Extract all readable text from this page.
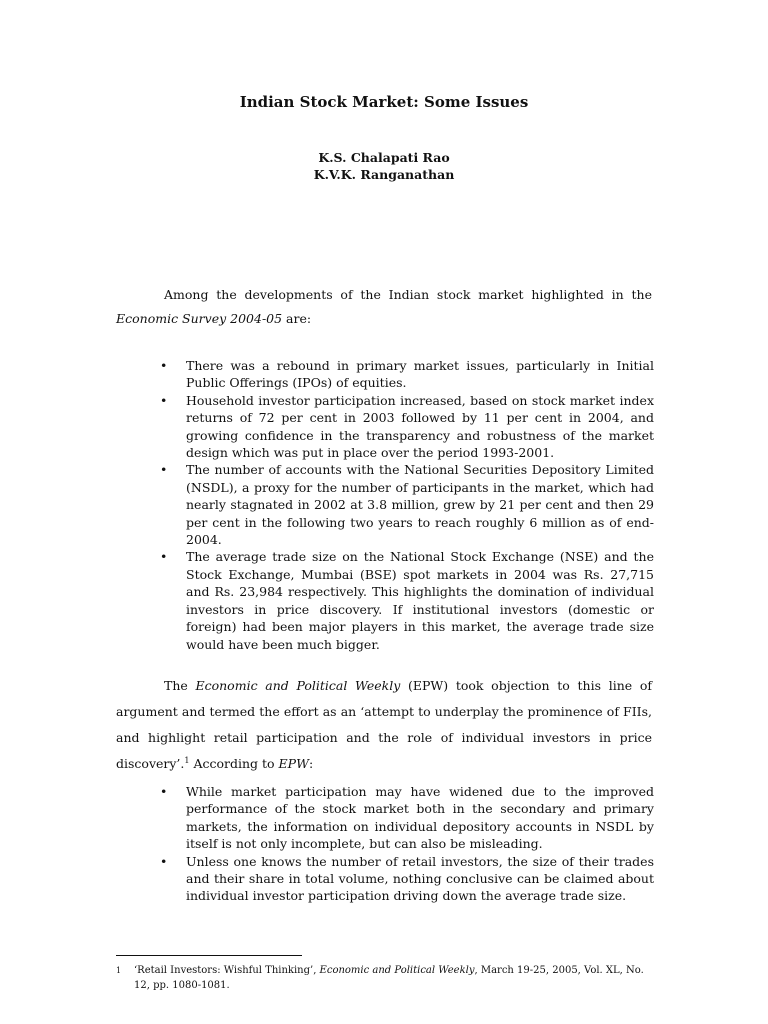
Indian Stock Market: Some Issues
K.S. Chalapati Rao
K.V.K. Ranganathan
Among the developments of the Indian stock market highlighted in the Economic Survey 2004-05 are:
• There was a rebound in primary market issues, particularly in Initial Public Offerings (IPOs) of equities.
• Household investor participation increased, based on stock market index returns of 72 per cent in 2003 followed by 11 per cent in 2004, and growing confidence in the transparency and robustness of the market design which was put in place over the period 1993-2001.
• The number of accounts with the National Securities Depository Limited (NSDL), a proxy for the number of participants in the market, which had nearly stagnated in 2002 at 3.8 million, grew by 21 per cent and then 29 per cent in the following two years to reach roughly 6 million as of end-2004.
• The average trade size on the National Stock Exchange (NSE) and the Stock Exchange, Mumbai (BSE) spot markets in 2004 was Rs. 27,715 and Rs. 23,984 respectively. This highlights the domination of individual investors in price discovery. If institutional investors (domestic or foreign) had been major players in this market, the average trade size would have been much bigger.
The Economic and Political Weekly (EPW) took objection to this line of argument and termed the effort as an ‘attempt to underplay the prominence of FIIs, and highlight retail participation and the role of individual investors in price discovery’.$^1$ According to EPW:
• While market participation may have widened due to the improved performance of the stock market both in the secondary and primary markets, the information on individual depository accounts in NSDL by itself is not only incomplete, but can also be misleading.
• Unless one knows the number of retail investors, the size of their trades and their share in total volume, nothing conclusive can be claimed about individual investor participation driving down the average trade size.
1 ‘Retail Investors: Wishful Thinking’, Economic and Political Weekly, March 19-25, 2005, Vol. XL, No. 12, pp. 1080-1081.
